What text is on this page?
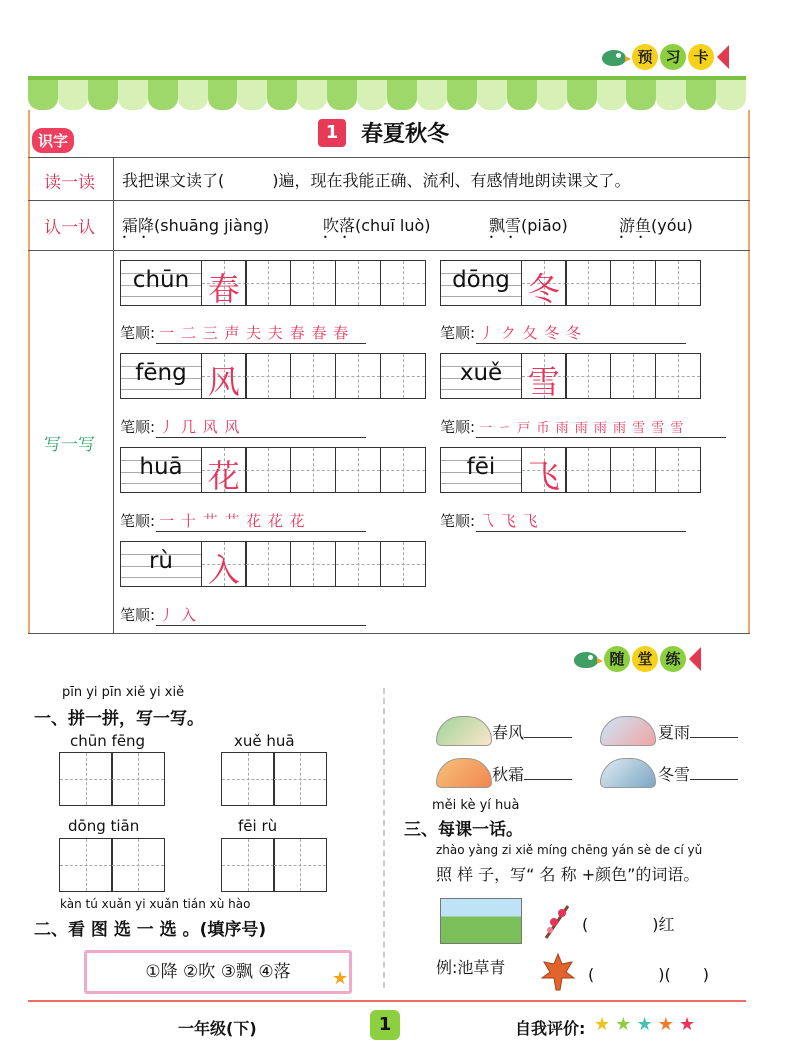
预 习 卡
识字	1	春夏秋冬
读一读 我把课文读了(　　　)遍，现在我能正确、流利、有感情地朗读课文了。
认一认 霜降 • •(shuāng jiàng)	吹落 • •(chuī luò)	飘雪 • •(piāo)	游鱼 • •(yóu)
写一写
chūn 春
笔顺: 一 二 三 声 夫 夫 春 春 春
dōng 冬
笔顺: 丿 ク 夂 冬 冬
fēng 风
笔顺: 丿 几 风 风
xuě 雪
笔顺: 一 ㄧ 戸 币 雨 雨 雨 雨 雪 雪 雪
huā 花
笔顺: 一 十 艹 艹 花 花 花
fēi	飞
笔顺: 乁 飞 飞
rù	入
笔顺: 丿 入
随 堂 练
pīn yi pīn xiě yi xiě
一、拼一拼，写一写。
chūn fēng	xuě huā
dōng tiān	fēi rù
kàn tú xuǎn yi xuǎn tián xù hào
二、看 图 选 一 选 。(填序号)
①降 ②吹 ③飘 ④落	★
春风	夏雨
秋霜	冬雪
měi kè yí huà
三、每课一话。
zhào yàng zi xiě míng chēng yán sè de cí yǔ
照 样 子，写“ 名 称 +颜色”的词语。
(　　　　)红
例:池草青	(　　　　)(　　)
一年级(下)	1	自我评价: ★ ★ ★ ★ ★
